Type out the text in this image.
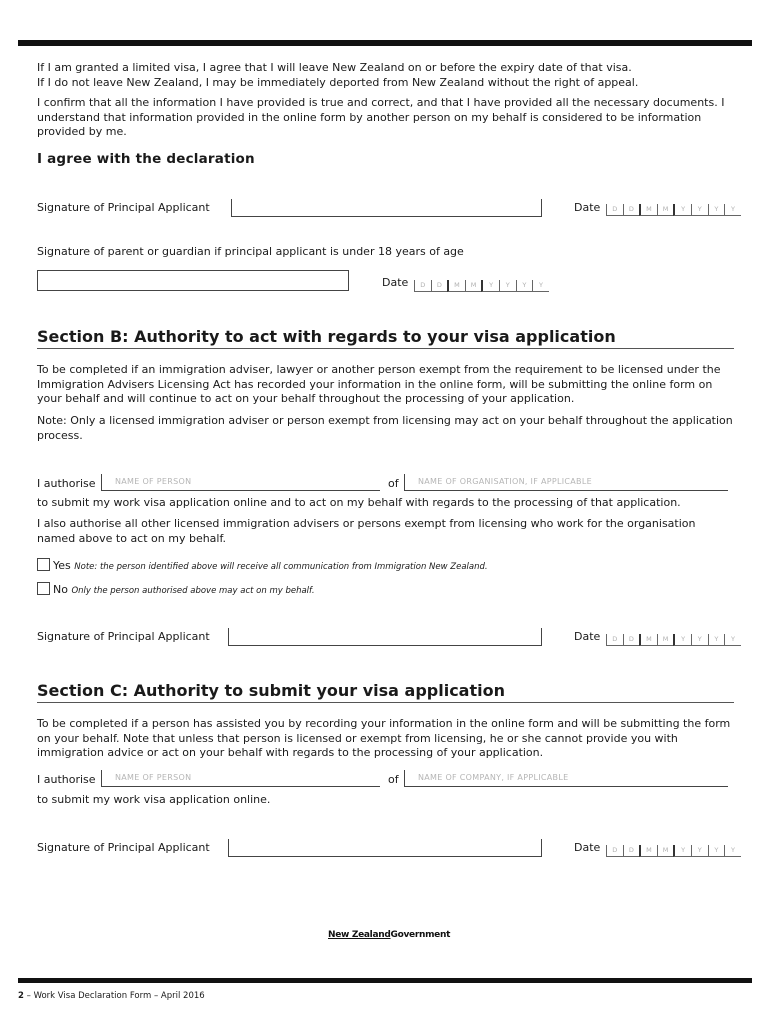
If I am granted a limited visa, I agree that I will leave New Zealand on or before the expiry date of that visa.
If I do not leave New Zealand, I may be immediately deported from New Zealand without the right of appeal.
I confirm that all the information I have provided is true and correct, and that I have provided all the necessary documents. I understand that information provided in the online form by another person on my behalf is considered to be information provided by me.
I agree with the declaration
Signature of Principal Applicant	Date	D	D	M	M	Y	Y	Y	Y
Signature of parent or guardian if principal applicant is under 18 years of age
Date	D	D	M	M	Y	Y	Y	Y
Section B: Authority to act with regards to your visa application
To be completed if an immigration adviser, lawyer or another person exempt from the requirement to be licensed under the Immigration Advisers Licensing Act has recorded your information in the online form, will be submitting the online form on your behalf and will continue to act on your behalf throughout the processing of your application.
Note: Only a licensed immigration adviser or person exempt from licensing may act on your behalf throughout the application process.
I authorise	NAME OF PERSON	of	NAME OF ORGANISATION, IF APPLICABLE
to submit my work visa application online and to act on my behalf with regards to the processing of that application.
I also authorise all other licensed immigration advisers or persons exempt from licensing who work for the organisation named above to act on my behalf.
Yes Note: the person identified above will receive all communication from Immigration New Zealand.
No Only the person authorised above may act on my behalf.
Signature of Principal Applicant	Date	D	D	M	M	Y	Y	Y	Y
Section C: Authority to submit your visa application
To be completed if a person has assisted you by recording your information in the online form and will be submitting the form on your behalf. Note that unless that person is licensed or exempt from licensing, he or she cannot provide you with immigration advice or act on your behalf with regards to the processing of your application.
I authorise	NAME OF PERSON	of	NAME OF COMPANY, IF APPLICABLE
to submit my work visa application online.
Signature of Principal Applicant	Date	D	D	M	M	Y	Y	Y	Y
New ZealandGovernment
2 – Work Visa Declaration Form – April 2016
